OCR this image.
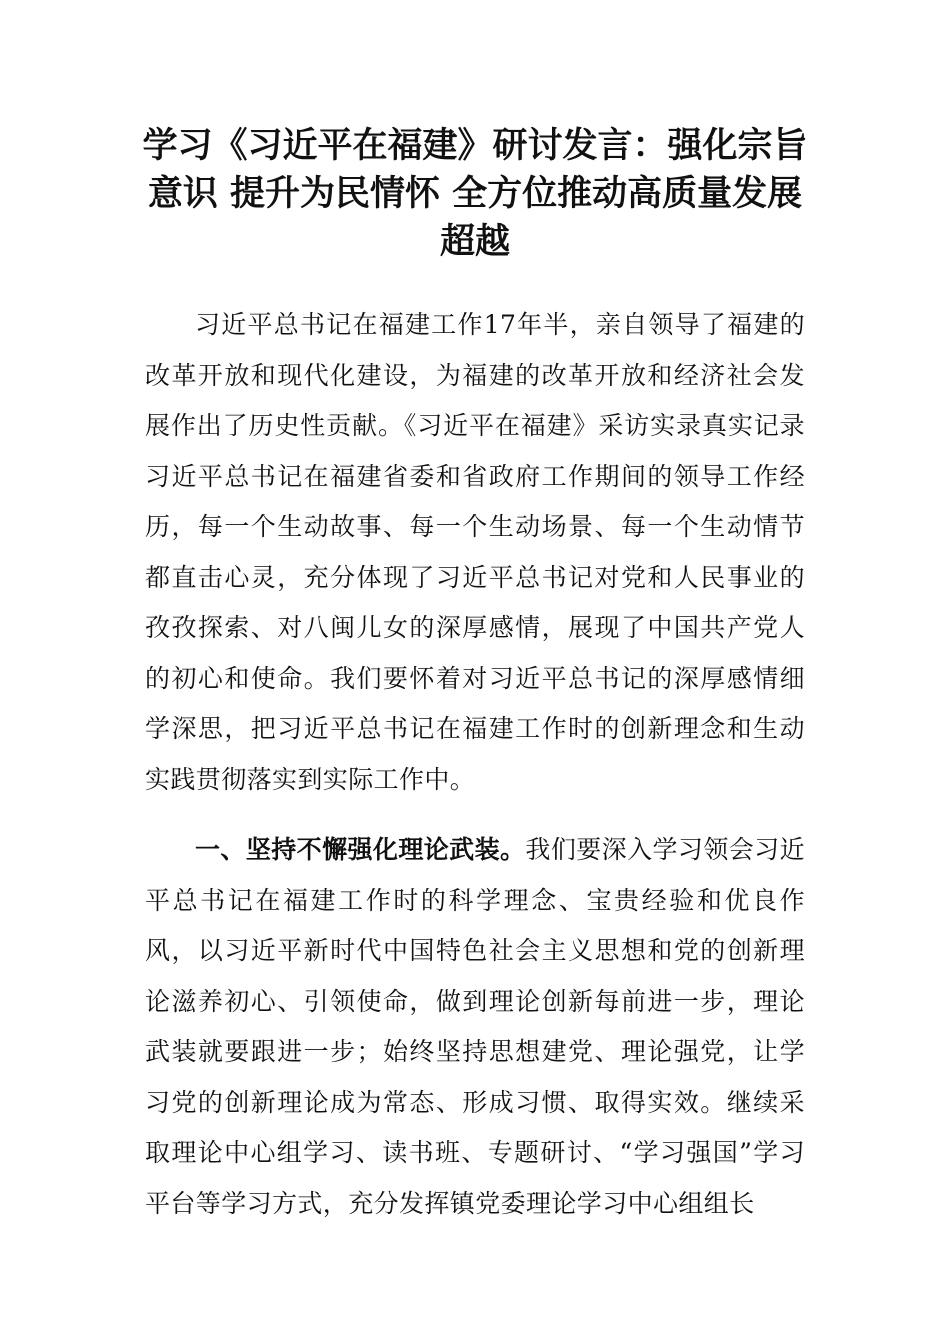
学习《习近平在福建》研讨发言：强化宗旨意识 提升为民情怀 全方位推动高质量发展超越

习近平总书记在福建工作17年半，亲自领导了福建的改革开放和现代化建设，为福建的改革开放和经济社会发展作出了历史性贡献。《习近平在福建》采访实录真实记录习近平总书记在福建省委和省政府工作期间的领导工作经历，每一个生动故事、每一个生动场景、每一个生动情节都直击心灵，充分体现了习近平总书记对党和人民事业的孜孜探索、对八闽儿女的深厚感情，展现了中国共产党人的初心和使命。我们要怀着对习近平总书记的深厚感情细学深思，把习近平总书记在福建工作时的创新理念和生动实践贯彻落实到实际工作中。

一、坚持不懈强化理论武装。我们要深入学习领会习近平总书记在福建工作时的科学理念、宝贵经验和优良作风，以习近平新时代中国特色社会主义思想和党的创新理论滋养初心、引领使命，做到理论创新每前进一步，理论武装就要跟进一步；始终坚持思想建党、理论强党，让学习党的创新理论成为常态、形成习惯、取得实效。继续采取理论中心组学习、读书班、专题研讨、“学习强国”学习平台等学习方式，充分发挥镇党委理论学习中心组组长
